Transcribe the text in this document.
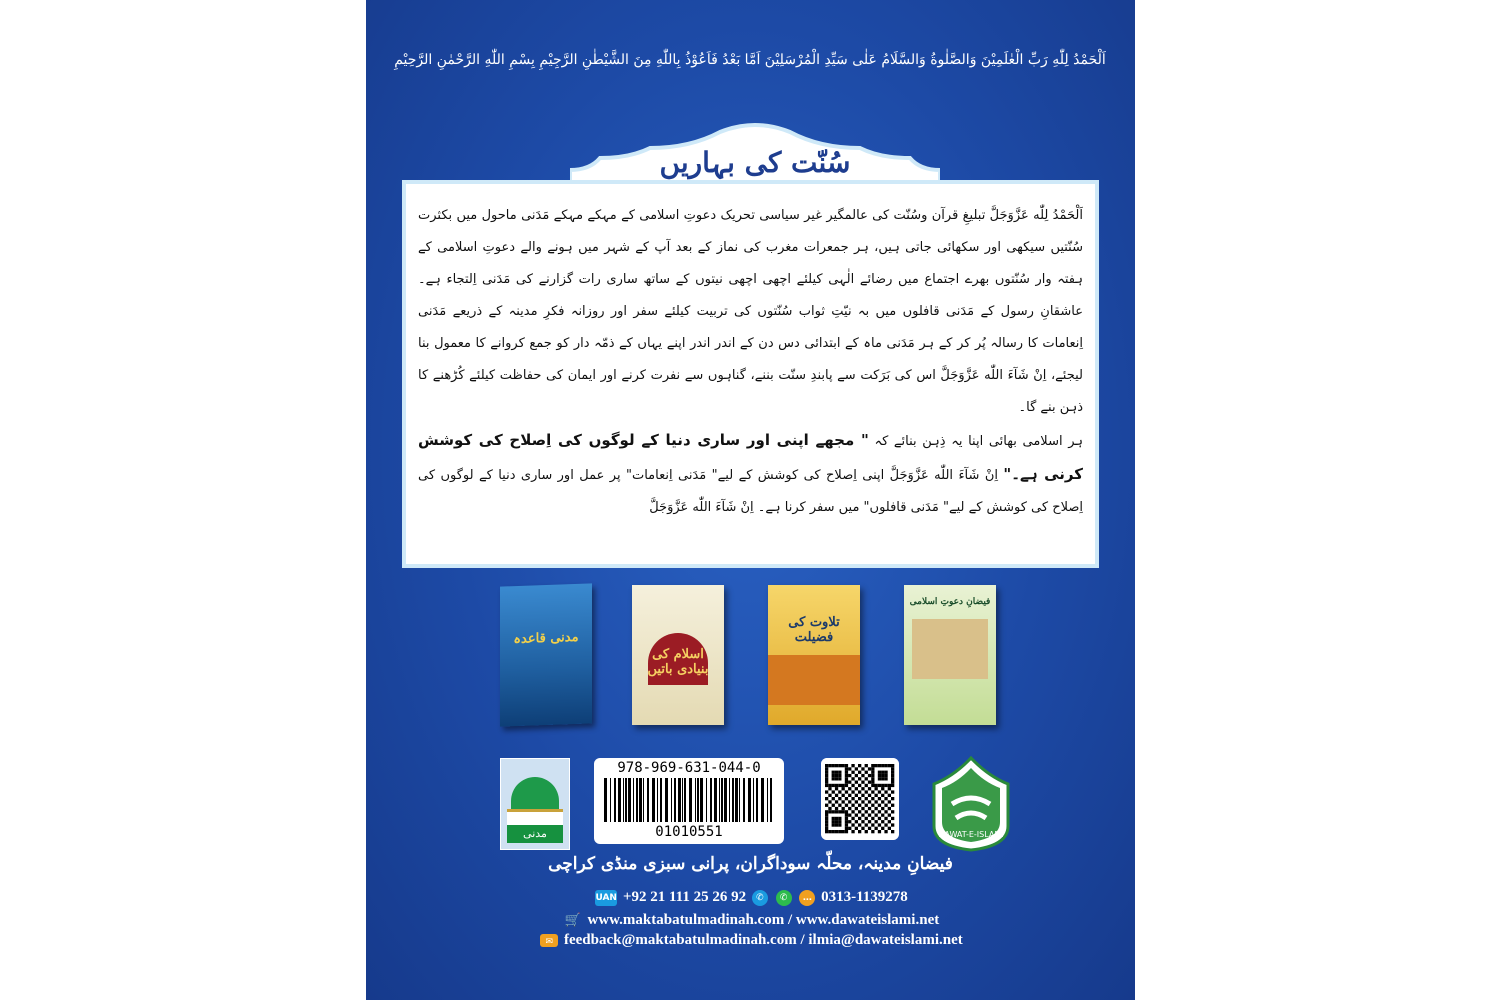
اَلْحَمْدُ لِلّٰهِ رَبِّ الْعٰلَمِیْنَ وَالصَّلٰوةُ وَالسَّلَامُ عَلٰی سَیِّدِ الْمُرْسَلِیْنَ اَمَّا بَعْدُ فَاَعُوْذُ بِاللّٰهِ مِنَ الشَّیْطٰنِ الرَّجِیْمِ بِسْمِ اللّٰهِ الرَّحْمٰنِ الرَّحِیْمِ
سُنّت کی بہاریں

اَلْحَمْدُ لِلّٰه عَزَّوَجَلَّ تبلیغِ قرآن وسُنّت کی عالمگیر غیر سیاسی تحریک دعوتِ اسلامی کے مہکے مہکے مَدَنی ماحول میں بکثرت سُنّتیں سیکھی اور سکھائی جاتی ہیں، ہر جمعرات مغرب کی نماز کے بعد آپ کے شہر میں ہونے والے دعوتِ اسلامی کے ہفتہ وار سُنّتوں بھرے اجتماع میں رضائے الٰہی کیلئے اچھی اچھی نیتوں کے ساتھ ساری رات گزارنے کی مَدَنی اِلتجاء ہے۔ عاشقانِ رسول کے مَدَنی قافلوں میں بہ نیّتِ ثواب سُنّتوں کی تربیت کیلئے سفر اور روزانہ فکرِ مدینہ کے ذریعے مَدَنی اِنعامات کا رسالہ پُر کر کے ہر مَدَنی ماہ کے ابتدائی دس دن کے اندر اندر اپنے یہاں کے ذمّہ دار کو جمع کروانے کا معمول بنا لیجئے، اِنْ شَآءَ اللّٰه عَزَّوَجَلَّ اس کی بَرَکت سے پابندِ سنّت بننے، گناہوں سے نفرت کرنے اور ایمان کی حفاظت کیلئے کُڑھنے کا ذہن بنے گا۔

ہر اسلامی بھائی اپنا یہ ذِہن بنائے کہ " مجھے اپنی اور ساری دنیا کے لوگوں کی اِصلاح کی کوشش کرنی ہے۔" اِنْ شَآءَ اللّٰه عَزَّوَجَلَّ اپنی اِصلاح کی کوشش کے لیے" مَدَنی اِنعامات" پر عمل اور ساری دنیا کے لوگوں کی اِصلاح کی کوشش کے لیے" مَدَنی قافلوں" میں سفر کرنا ہے۔ اِنْ شَآءَ اللّٰه عَزَّوَجَلَّ

مدنی قاعدہ
اسلام کی بنیادی باتیں
تلاوت کی فضیلت
فیضانِ دعوتِ اسلامی
مدنی
978-969-631-044-0
01010551	DAWAT-E-ISLAMI
فیضانِ مدینہ، محلّہ سوداگران، پرانی سبزی منڈی کراچی
UAN +92 21 111 25 26 92 ✆ ✆ … 0313-1139278
🛒 www.maktabatulmadinah.com / www.dawateislami.net
✉ feedback@maktabatulmadinah.com / ilmia@dawateislami.net
